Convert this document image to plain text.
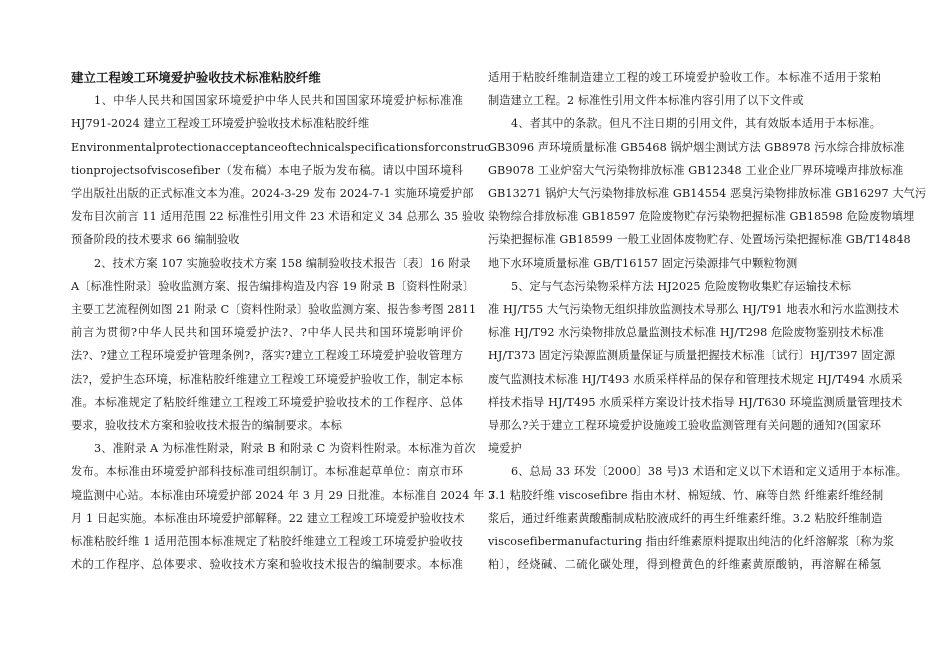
建立工程竣工环境爱护验收技术标准粘胶纤维
1、中华人民共和国国家环境爱护中华人民共和国国家环境爱护标标准准
HJ791-2024 建立工程竣工环境爱护验收技术标准粘胶纤维
Environmentalprotectionacceptanceoftechnicalspecificationsforconstruc
tionprojectsofviscosefiber（发布稿）本电子版为发布稿。请以中国环境科
学出版社出版的正式标准文本为准。2024-3-29 发布 2024-7-1 实施环境爱护部
发布目次前言 11 适用范围 22 标准性引用文件 23 术语和定义 34 总那么 35 验收
预备阶段的技术要求 66 编制验收
2、技术方案 107 实施验收技术方案 158 编制验收技术报告〔表〕16 附录
A〔标准性附录〕验收监测方案、报告编排构造及内容 19 附录 B〔资料性附录〕
主要工艺流程例如图 21 附录 C〔资料性附录〕验收监测方案、报告参考图 2811
前言为贯彻?中华人民共和国环境爱护法?、?中华人民共和国环境影响评价
法?、?建立工程环境爱护管理条例?，落实?建立工程竣工环境爱护验收管理方
法?，爱护生态环境，标准粘胶纤维建立工程竣工环境爱护验收工作，制定本标
准。本标准规定了粘胶纤维建立工程竣工环境爱护验收技术的工作程序、总体
要求，验收技术方案和验收技术报告的编制要求。本标
3、准附录 A 为标准性附录，附录 B 和附录 C 为资料性附录。本标准为首次
发布。本标准由环境爱护部科技标准司组织制订。本标准起草单位：南京市环
境监测中心站。本标准由环境爱护部 2024 年 3 月 29 日批准。本标准自 2024 年 7
月 1 日起实施。本标准由环境爱护部解释。22 建立工程竣工环境爱护验收技术
标准粘胶纤维 1 适用范围本标准规定了粘胶纤维建立工程竣工环境爱护验收技
术的工作程序、总体要求、验收技术方案和验收技术报告的编制要求。本标准
适用于粘胶纤维制造建立工程的竣工环境爱护验收工作。本标准不适用于浆粕
制造建立工程。2 标准性引用文件本标准内容引用了以下文件或
4、者其中的条款。但凡不注日期的引用文件，其有效版本适用于本标准。
GB3096 声环境质量标准 GB5468 锅炉烟尘测试方法 GB8978 污水综合排放标准
GB9078 工业炉窑大气污染物排放标准 GB12348 工业企业厂界环境噪声排放标准
GB13271 锅炉大气污染物排放标准 GB14554 恶臭污染物排放标准 GB16297 大气污
染物综合排放标准 GB18597 危险废物贮存污染物把握标准 GB18598 危险废物填埋
污染把握标准 GB18599 一般工业固体废物贮存、处置场污染把握标准 GB/T14848
地下水环境质量标准 GB/T16157 固定污染源排气中颗粒物测
5、定与气态污染物采样方法 HJ2025 危险废物收集贮存运输技术标
准 HJ/T55 大气污染物无组织排放监测技术导那么 HJ/T91 地表水和污水监测技术
标准 HJ/T92 水污染物排放总量监测技术标准 HJ/T298 危险废物鉴别技术标准
HJ/T373 固定污染源监测质量保证与质量把握技术标准〔试行〕HJ/T397 固定源
废气监测技术标准 HJ/T493 水质采样样品的保存和管理技术规定 HJ/T494 水质采
样技术指导 HJ/T495 水质采样方案设计技术指导 HJ/T630 环境监测质量管理技术
导那么?关于建立工程环境爱护设施竣工验收监测管理有关问题的通知?(国家环
境爱护
6、总局 33 环发〔2000〕38 号)3 术语和定义以下术语和定义适用于本标准。
3.1 粘胶纤维 viscosefibre 指由木材、棉短绒、竹、麻等自然 纤维素纤维经制
浆后，通过纤维素黄酸酯制成粘胶液成纤的再生纤维素纤维。3.2 粘胶纤维制造
viscosefibermanufacturing 指由纤维素原料提取出纯洁的化纤溶解浆〔称为浆
粕〕，经烧碱、二硫化碳处理，得到橙黄色的纤维素黄原酸钠，再溶解在稀氢
